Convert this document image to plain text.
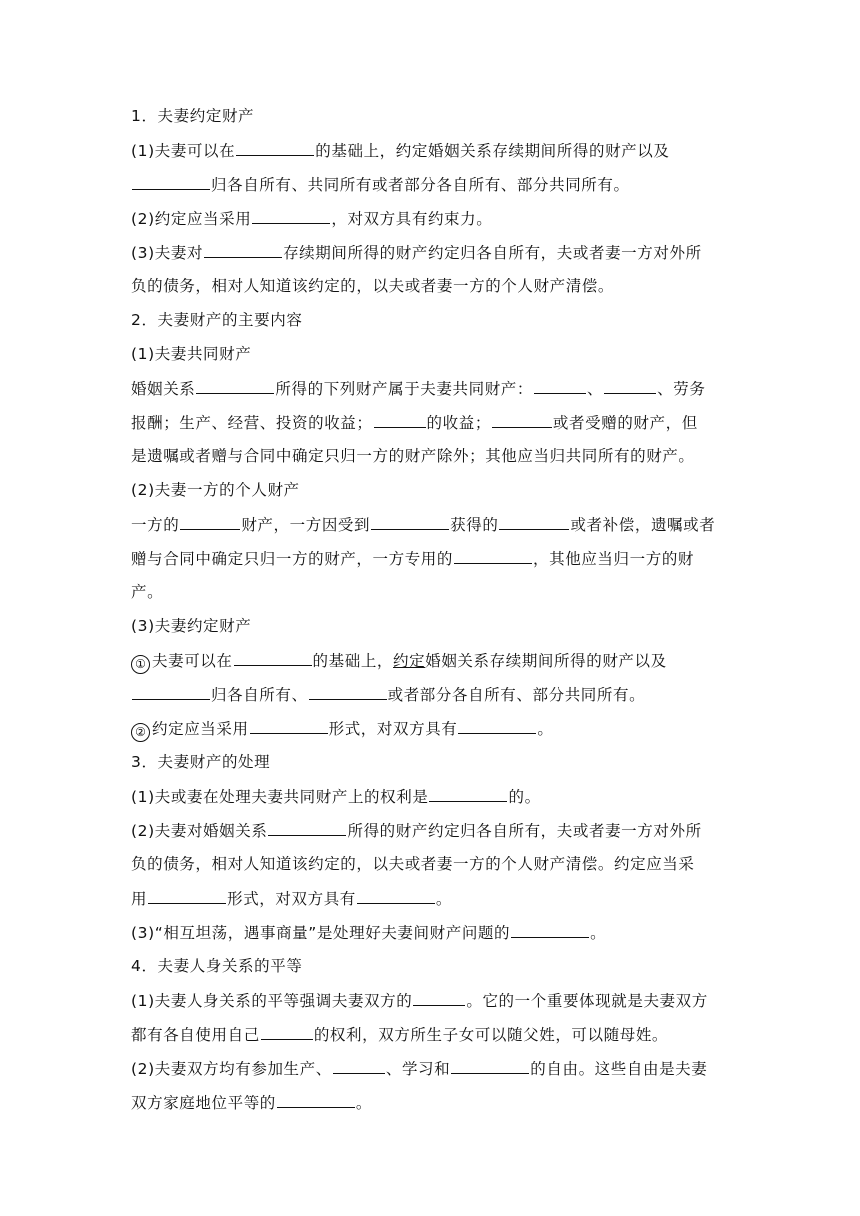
1．夫妻约定财产
(1)夫妻可以在	的基础上，约定婚姻关系存续期间所得的财产以及
归各自所有、共同所有或者部分各自所有、部分共同所有。
(2)约定应当采用	，对双方具有约束力。
(3)夫妻对	存续期间所得的财产约定归各自所有，夫或者妻一方对外所
负的债务，相对人知道该约定的，以夫或者妻一方的个人财产清偿。
2．夫妻财产的主要内容
(1)夫妻共同财产
婚姻关系	所得的下列财产属于夫妻共同财产：	、	、劳务
报酬；生产、经营、投资的收益；	的收益；	或者受赠的财产，但
是遗嘱或者赠与合同中确定只归一方的财产除外；其他应当归共同所有的财产。
(2)夫妻一方的个人财产
一方的	财产，一方因受到	获得的	或者补偿，遗嘱或者
赠与合同中确定只归一方的财产，一方专用的	，其他应当归一方的财
产。
(3)夫妻约定财产
① 夫妻可以在	的基础上，约定婚姻关系存续期间所得的财产以及
归各自所有、	或者部分各自所有、部分共同所有。
② 约定应当采用	形式，对双方具有	。
3．夫妻财产的处理
(1)夫或妻在处理夫妻共同财产上的权利是	的。
(2)夫妻对婚姻关系	所得的财产约定归各自所有，夫或者妻一方对外所
负的债务，相对人知道该约定的，以夫或者妻一方的个人财产清偿。约定应当采
用	形式，对双方具有	。
(3)“相互坦荡，遇事商量”是处理好夫妻间财产问题的	。
4．夫妻人身关系的平等
(1)夫妻人身关系的平等强调夫妻双方的	。它的一个重要体现就是夫妻双方
都有各自使用自己	的权利，双方所生子女可以随父姓，可以随母姓。
(2)夫妻双方均有参加生产、	、学习和	的自由。这些自由是夫妻
双方家庭地位平等的	。
